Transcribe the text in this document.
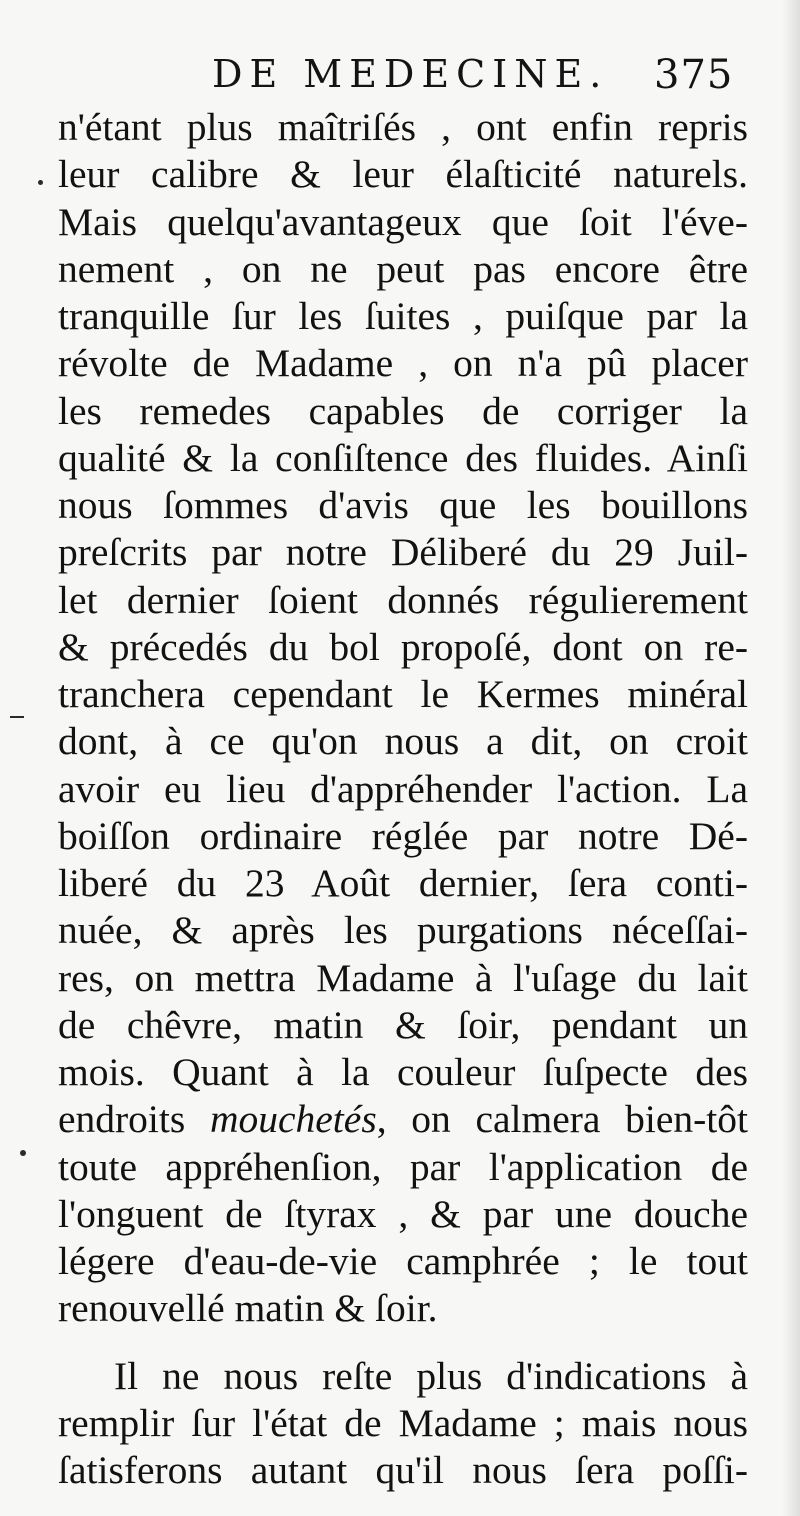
DE MEDECINE. 375
n'étant plus maîtriſés , ont enfin repris
leur calibre & leur élaſticité naturels.
Mais quelqu'avantageux que ſoit l'éve-
nement , on ne peut pas encore être
tranquille ſur les ſuites , puiſque par la
révolte de Madame , on n'a pû placer
les remedes capables de corriger la
qualité & la conſiſtence des fluides. Ainſi
nous ſommes d'avis que les bouillons
preſcrits par notre Déliberé du 29 Juil-
let dernier ſoient donnés régulierement
& précedés du bol propoſé, dont on re-
tranchera cependant le Kermes minéral
dont, à ce qu'on nous a dit, on croit
avoir eu lieu d'appréhender l'action. La
boiſſon ordinaire réglée par notre Dé-
liberé du 23 Août dernier, ſera conti-
nuée, & après les purgations néceſſai-
res, on mettra Madame à l'uſage du lait
de chêvre, matin & ſoir, pendant un
mois. Quant à la couleur ſuſpecte des
endroits mouchetés, on calmera bien-tôt
toute appréhenſion, par l'application de
l'onguent de ſtyrax , & par une douche
légere d'eau-de-vie camphrée ; le tout
renouvellé matin & ſoir.
Il ne nous reſte plus d'indications à
remplir ſur l'état de Madame ; mais nous
ſatisferons autant qu'il nous ſera poſſi-
